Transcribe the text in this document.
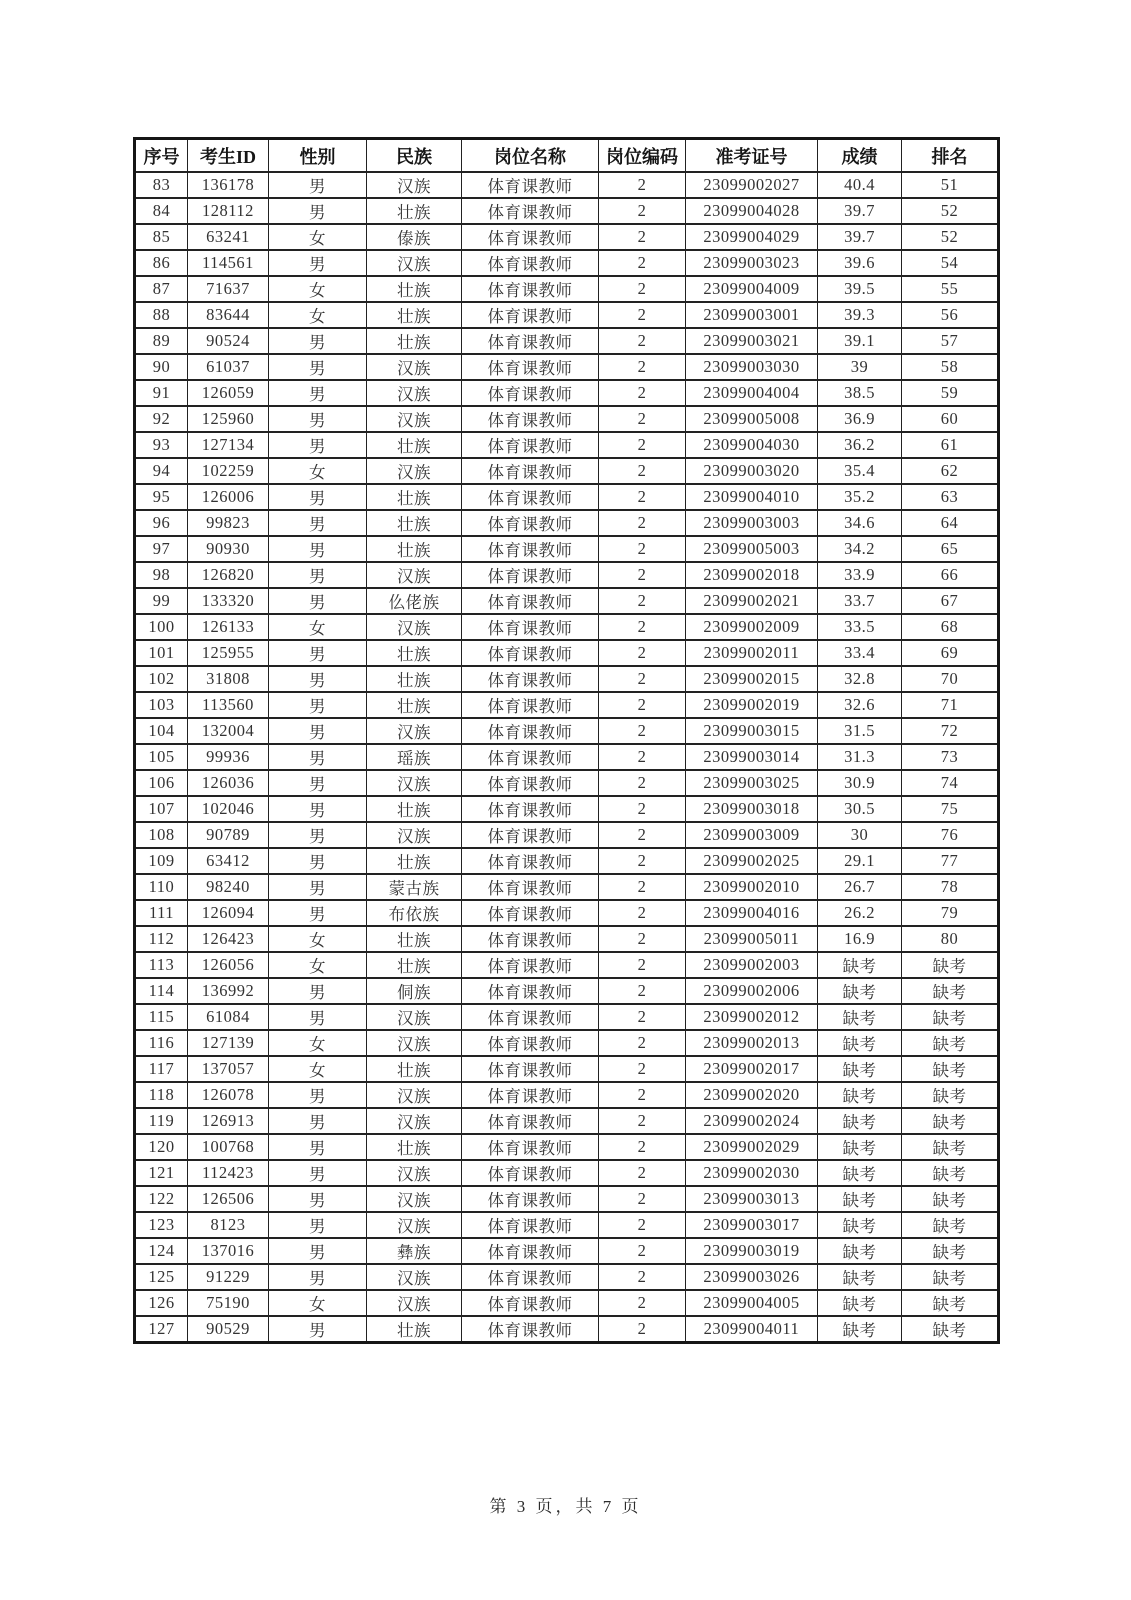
序号	考生ID	性别	民族	岗位名称	岗位编码	准考证号	成绩	排名
83	136178	男	汉族	体育课教师	2	23099002027	40.4	51
84	128112	男	壮族	体育课教师	2	23099004028	39.7	52
85	63241	女	傣族	体育课教师	2	23099004029	39.7	52
86	114561	男	汉族	体育课教师	2	23099003023	39.6	54
87	71637	女	壮族	体育课教师	2	23099004009	39.5	55
88	83644	女	壮族	体育课教师	2	23099003001	39.3	56
89	90524	男	壮族	体育课教师	2	23099003021	39.1	57
90	61037	男	汉族	体育课教师	2	23099003030	39	58
91	126059	男	汉族	体育课教师	2	23099004004	38.5	59
92	125960	男	汉族	体育课教师	2	23099005008	36.9	60
93	127134	男	壮族	体育课教师	2	23099004030	36.2	61
94	102259	女	汉族	体育课教师	2	23099003020	35.4	62
95	126006	男	壮族	体育课教师	2	23099004010	35.2	63
96	99823	男	壮族	体育课教师	2	23099003003	34.6	64
97	90930	男	壮族	体育课教师	2	23099005003	34.2	65
98	126820	男	汉族	体育课教师	2	23099002018	33.9	66
99	133320	男	仫佬族	体育课教师	2	23099002021	33.7	67
100	126133	女	汉族	体育课教师	2	23099002009	33.5	68
101	125955	男	壮族	体育课教师	2	23099002011	33.4	69
102	31808	男	壮族	体育课教师	2	23099002015	32.8	70
103	113560	男	壮族	体育课教师	2	23099002019	32.6	71
104	132004	男	汉族	体育课教师	2	23099003015	31.5	72
105	99936	男	瑶族	体育课教师	2	23099003014	31.3	73
106	126036	男	汉族	体育课教师	2	23099003025	30.9	74
107	102046	男	壮族	体育课教师	2	23099003018	30.5	75
108	90789	男	汉族	体育课教师	2	23099003009	30	76
109	63412	男	壮族	体育课教师	2	23099002025	29.1	77
110	98240	男	蒙古族	体育课教师	2	23099002010	26.7	78
111	126094	男	布依族	体育课教师	2	23099004016	26.2	79
112	126423	女	壮族	体育课教师	2	23099005011	16.9	80
113	126056	女	壮族	体育课教师	2	23099002003	缺考	缺考
114	136992	男	侗族	体育课教师	2	23099002006	缺考	缺考
115	61084	男	汉族	体育课教师	2	23099002012	缺考	缺考
116	127139	女	汉族	体育课教师	2	23099002013	缺考	缺考
117	137057	女	壮族	体育课教师	2	23099002017	缺考	缺考
118	126078	男	汉族	体育课教师	2	23099002020	缺考	缺考
119	126913	男	汉族	体育课教师	2	23099002024	缺考	缺考
120	100768	男	壮族	体育课教师	2	23099002029	缺考	缺考
121	112423	男	汉族	体育课教师	2	23099002030	缺考	缺考
122	126506	男	汉族	体育课教师	2	23099003013	缺考	缺考
123	8123	男	汉族	体育课教师	2	23099003017	缺考	缺考
124	137016	男	彝族	体育课教师	2	23099003019	缺考	缺考
125	91229	男	汉族	体育课教师	2	23099003026	缺考	缺考
126	75190	女	汉族	体育课教师	2	23099004005	缺考	缺考
127	90529	男	壮族	体育课教师	2	23099004011	缺考	缺考
第 3 页，共 7 页
